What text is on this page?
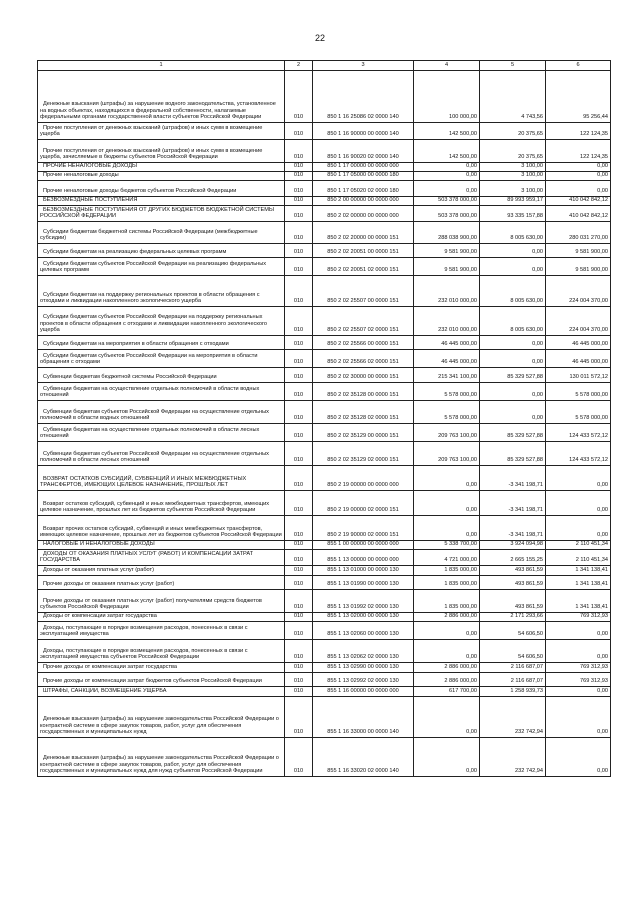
22
1	2	3	4	5	6

Денежные взыскания (штрафы) за нарушение водного законодательства, установленное на водных объектах, находящихся в федеральной собственности, налагаемые федеральными органами государственной власти субъектов Российской Федерации	010	850 1 16 25086 02 0000 140	100 000,00	4 743,56	95 256,44

Прочие поступления от денежных взысканий (штрафов) и иных сумм в возмещение ущерба	010	850 1 16 90000 00 0000 140	142 500,00	20 375,65	122 124,35

Прочие поступления от денежных взысканий (штрафов) и иных сумм в возмещение ущерба, зачисляемые в бюджеты субъектов Российской Федерации	010	850 1 16 90020 02 0000 140	142 500,00	20 375,65	122 124,35

ПРОЧИЕ НЕНАЛОГОВЫЕ ДОХОДЫ	010	850 1 17 00000 00 0000 000	0,00	3 100,00	0,00

Прочие неналоговые доходы	010	850 1 17 05000 00 0000 180	0,00	3 100,00	0,00

Прочие неналоговые доходы бюджетов субъектов Российской Федерации	010	850 1 17 05020 02 0000 180	0,00	3 100,00	0,00

БЕЗВОЗМЕЗДНЫЕ ПОСТУПЛЕНИЯ	010	850 2 00 00000 00 0000 000	503 378 000,00	89 993 959,17	410 042 842,12

БЕЗВОЗМЕЗДНЫЕ ПОСТУПЛЕНИЯ ОТ ДРУГИХ БЮДЖЕТОВ БЮДЖЕТНОЙ СИСТЕМЫ РОССИЙСКОЙ ФЕДЕРАЦИИ	010	850 2 02 00000 00 0000 000	503 378 000,00	93 335 157,88	410 042 842,12

Субсидии бюджетам бюджетной системы Российской Федерации (межбюджетные субсидии)	010	850 2 02 20000 00 0000 151	288 038 900,00	8 005 630,00	280 031 270,00

Субсидии бюджетам на реализацию федеральных целевых программ	010	850 2 02 20051 00 0000 151	9 581 900,00	0,00	9 581 900,00

Субсидии бюджетам субъектов Российской Федерации на реализацию федеральных целевых программ	010	850 2 02 20051 02 0000 151	9 581 900,00	0,00	9 581 900,00

Субсидии бюджетам на поддержку региональных проектов в области обращения с отходами и ликвидации накопленного экологического ущерба	010	850 2 02 25507 00 0000 151	232 010 000,00	8 005 630,00	224 004 370,00

Субсидии бюджетам субъектов Российской Федерации на поддержку региональных проектов в области обращения с отходами и ликвидации накопленного экологического ущерба	010	850 2 02 25507 02 0000 151	232 010 000,00	8 005 630,00	224 004 370,00

Субсидии бюджетам на мероприятия в области обращения с отходами	010	850 2 02 25566 00 0000 151	46 445 000,00	0,00	46 445 000,00

Субсидии бюджетам субъектов Российской Федерации на мероприятия в области обращения с отходами	010	850 2 02 25566 02 0000 151	46 445 000,00	0,00	46 445 000,00

Субвенции бюджетам бюджетной системы Российской Федерации	010	850 2 02 30000 00 0000 151	215 341 100,00	85 329 527,88	130 011 572,12

Субвенции бюджетам на осуществление отдельных полномочий в области водных отношений	010	850 2 02 35128 00 0000 151	5 578 000,00	0,00	5 578 000,00

Субвенции бюджетам субъектов Российской Федерации на осуществление отдельных полномочий в области водных отношений	010	850 2 02 35128 02 0000 151	5 578 000,00	0,00	5 578 000,00

Субвенции бюджетам на осуществление отдельных полномочий в области лесных отношений	010	850 2 02 35129 00 0000 151	209 763 100,00	85 329 527,88	124 433 572,12

Субвенции бюджетам субъектов Российской Федерации на осуществление отдельных полномочий в области лесных отношений	010	850 2 02 35129 02 0000 151	209 763 100,00	85 329 527,88	124 433 572,12

ВОЗВРАТ ОСТАТКОВ СУБСИДИЙ, СУБВЕНЦИЙ И ИНЫХ МЕЖБЮДЖЕТНЫХ ТРАНСФЕРТОВ, ИМЕЮЩИХ ЦЕЛЕВОЕ НАЗНАЧЕНИЕ, ПРОШЛЫХ ЛЕТ	010	850 2 19 00000 00 0000 000	0,00	-3 341 198,71	0,00

Возврат остатков субсидий, субвенций и иных межбюджетных трансфертов, имеющих целевое назначение, прошлых лет из бюджетов субъектов Российской Федерации	010	850 2 19 00000 02 0000 151	0,00	-3 341 198,71	0,00

Возврат прочих остатков субсидий, субвенций и иных межбюджетных трансфертов, имеющих целевое назначение, прошлых лет из бюджетов субъектов Российской Федерации	010	850 2 19 90000 02 0000 151	0,00	-3 341 198,71	0,00

НАЛОГОВЫЕ И НЕНАЛОГОВЫЕ ДОХОДЫ	010	855 1 00 00000 00 0000 000	5 338 700,00	3 924 094,98	2 110 451,34

ДОХОДЫ ОТ ОКАЗАНИЯ ПЛАТНЫХ УСЛУГ (РАБОТ) И КОМПЕНСАЦИИ ЗАТРАТ ГОСУДАРСТВА	010	855 1 13 00000 00 0000 000	4 721 000,00	2 665 155,25	2 110 451,34

Доходы от оказания платных услуг (работ)	010	855 1 13 01000 00 0000 130	1 835 000,00	493 861,59	1 341 138,41

Прочие доходы от оказания платных услуг (работ)	010	855 1 13 01990 00 0000 130	1 835 000,00	493 861,59	1 341 138,41

Прочие доходы от оказания платных услуг (работ) получателями средств бюджетов субъектов Российской Федерации	010	855 1 13 01992 02 0000 130	1 835 000,00	493 861,59	1 341 138,41

Доходы от компенсации затрат государства	010	855 1 13 02000 00 0000 130	2 886 000,00	2 171 293,66	769 312,93

Доходы, поступающие в порядке возмещения расходов, понесенных в связи с эксплуатацией имущества	010	855 1 13 02060 00 0000 130	0,00	54 606,50	0,00

Доходы, поступающие в порядке возмещения расходов, понесенных в связи с эксплуатацией имущества субъектов Российской Федерации	010	855 1 13 02062 02 0000 130	0,00	54 606,50	0,00

Прочие доходы от компенсации затрат государства	010	855 1 13 02990 00 0000 130	2 886 000,00	2 116 687,07	769 312,93

Прочие доходы от компенсации затрат бюджетов субъектов Российской Федерации	010	855 1 13 02992 02 0000 130	2 886 000,00	2 116 687,07	769 312,93

ШТРАФЫ, САНКЦИИ, ВОЗМЕЩЕНИЕ УЩЕРБА	010	855 1 16 00000 00 0000 000	617 700,00	1 258 939,73	0,00

Денежные взыскания (штрафы) за нарушение законодательства Российской Федерации о контрактной системе в сфере закупок товаров, работ, услуг для обеспечения государственных и муниципальных нужд	010	855 1 16 33000 00 0000 140	0,00	232 742,94	0,00

Денежные взыскания (штрафы) за нарушение законодательства Российской Федерации о контрактной системе в сфере закупок товаров, работ, услуг для обеспечения государственных и муниципальных нужд для нужд субъектов Российской Федерации	010	855 1 16 33020 02 0000 140	0,00	232 742,94	0,00
